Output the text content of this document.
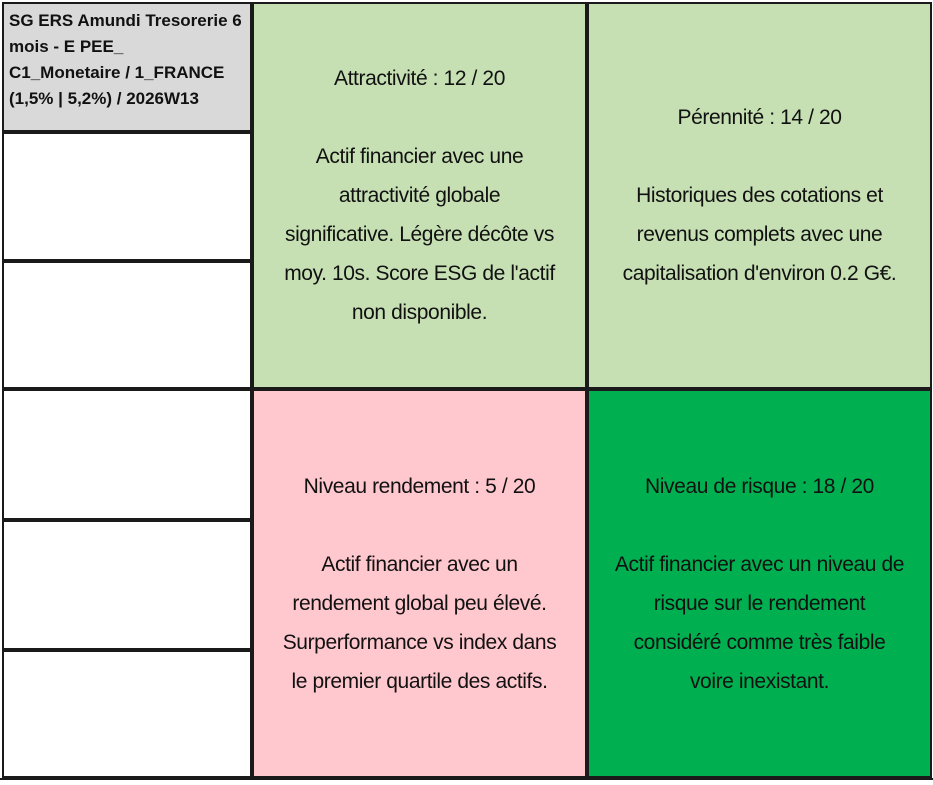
SG ERS Amundi Tresorerie 6
mois - E PEE_
C1_Monetaire / 1_FRANCE
(1,5% | 5,2%) / 2026W13
Attractivité : 12 / 20
Actif financier avec une
attractivité globale
significative. Légère décôte vs
moy. 10s. Score ESG de l'actif
non disponible.
Pérennité : 14 / 20
Historiques des cotations et
revenus complets avec une
capitalisation d'environ 0.2 G€.
Niveau rendement : 5 / 20
Actif financier avec un
rendement global peu élevé.
Surperformance vs index dans
le premier quartile des actifs.
Niveau de risque : 18 / 20
Actif financier avec un niveau de
risque sur le rendement
considéré comme très faible
voire inexistant.
